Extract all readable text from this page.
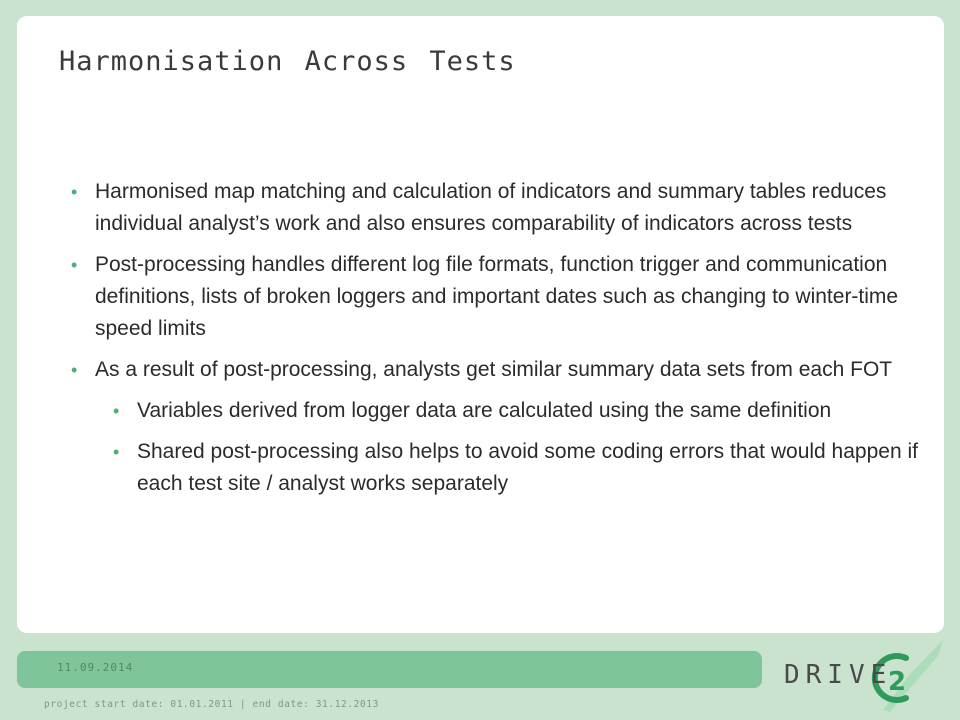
Harmonisation Across Tests
• Harmonised map matching and calculation of indicators and summary tables reduces individual analyst’s work and also ensures comparability of indicators across tests
• Post-processing handles different log file formats, function trigger and communication definitions, lists of broken loggers and important dates such as changing to winter-time speed limits
• As a result of post-processing, analysts get similar summary data sets from each FOT
• Variables derived from logger data are calculated using the same definition
• Shared post-processing also helps to avoid some coding errors that would happen if each test site / analyst works separately
11.09.2014
project start date: 01.01.2011 | end date: 31.12.2013
DRIVE
2
